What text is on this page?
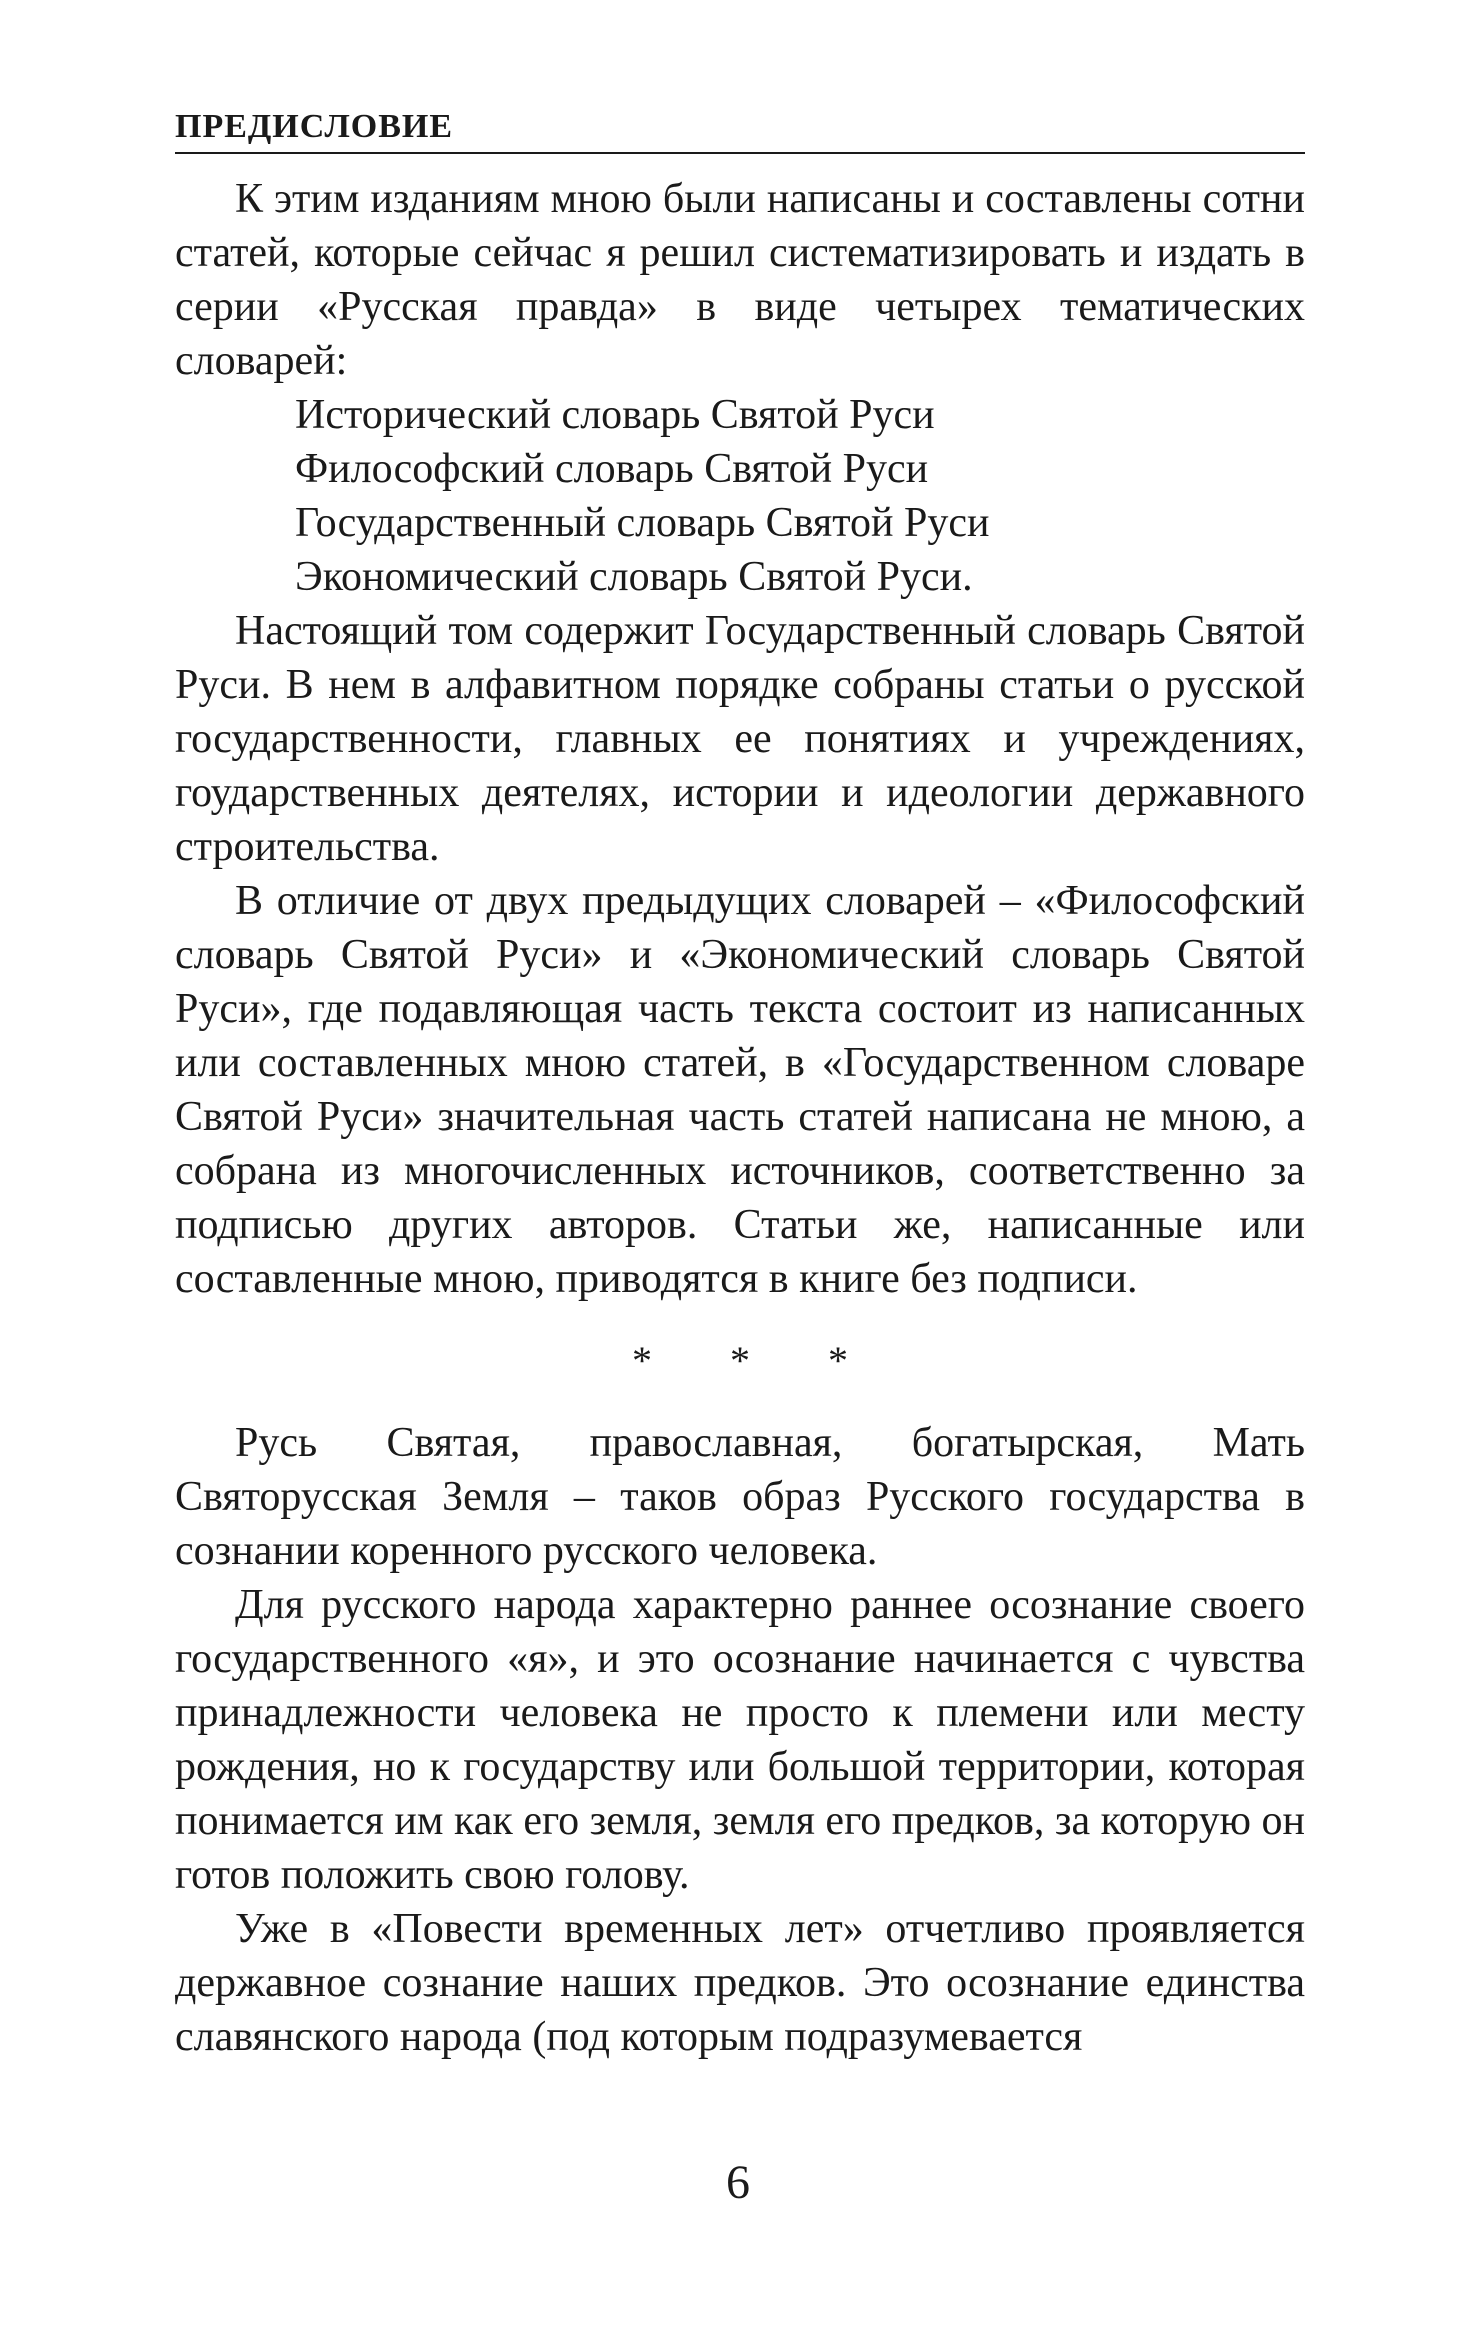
ПРЕДИСЛОВИЕ

К этим изданиям мною были написаны и составлены сотни статей, которые сейчас я решил систематизировать и издать в серии «Русская правда» в виде четырех тематических словарей:

Исторический словарь Святой Руси

Философский словарь Святой Руси

Государственный словарь Святой Руси

Экономический словарь Святой Руси.

Настоящий том содержит Государственный словарь Святой Руси. В нем в алфавитном порядке собраны статьи о русской государственности, главных ее понятиях и учреждениях, гоударственных деятелях, истории и идеологии державного строительства.

В отличие от двух предыдущих словарей – «Философский словарь Святой Руси» и «Экономический словарь Святой Руси», где подавляющая часть текста состоит из написанных или составленных мною статей, в «Государственном словаре Святой Руси» значительная часть статей написана не мною, а собрана из многочисленных источников, соответственно за подписью других авторов. Статьи же, написанные или составленные мною, приводятся в книге без подписи.

* * *

Русь Святая, православная, богатырская, Мать Святорусская Земля – таков образ Русского государства в сознании коренного русского человека.

Для русского народа характерно раннее осознание своего государственного «я», и это осознание начинается с чувства принадлежности человека не просто к племени или месту рождения, но к государству или большой территории, которая понимается им как его земля, земля его предков, за которую он готов положить свою голову.

Уже в «Повести временных лет» отчетливо проявляется державное сознание наших предков. Это осознание единства славянского народа (под которым подразумевается

6
